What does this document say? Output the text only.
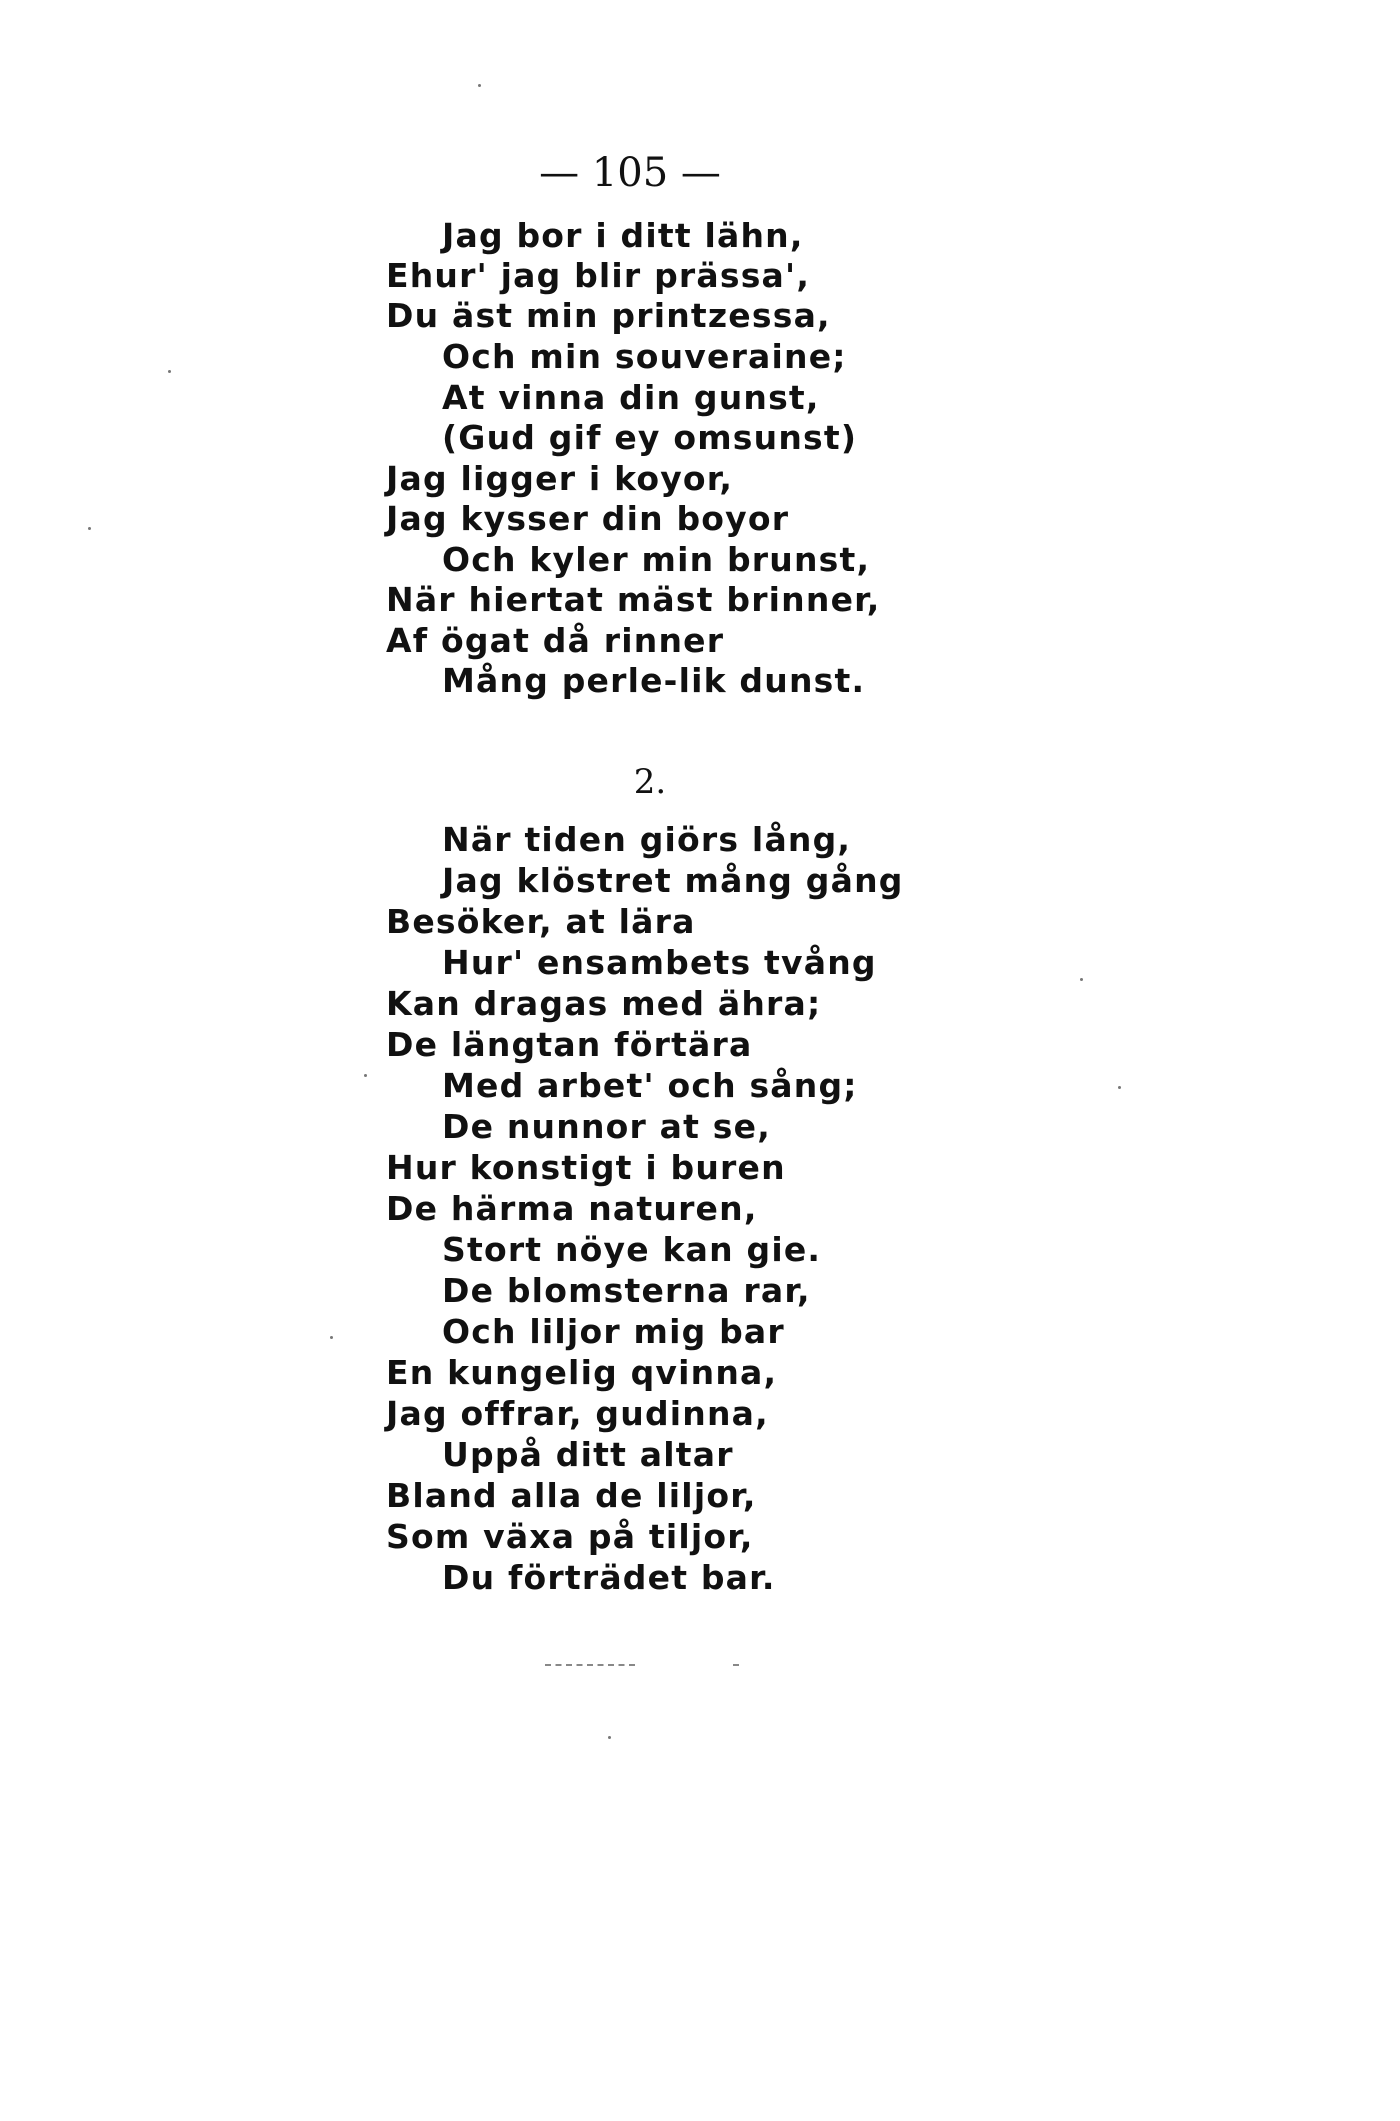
— 105 —
Jag bor i ditt lähn,
Ehur' jag blir prässa',
Du äst min printzessa,
Och min souveraine;
At vinna din gunst,
(Gud gif ey omsunst)
Jag ligger i koyor,
Jag kysser din boyor
Och kyler min brunst,
När hiertat mäst brinner,
Af ögat då rinner
Mång perle-lik dunst.
2.
När tiden giörs lång,
Jag klöstret mång gång
Besöker, at lära
Hur' ensambets tvång
Kan dragas med ähra;
De längtan förtära
Med arbet' och sång;
De nunnor at se,
Hur konstigt i buren
De härma naturen,
Stort nöye kan gie.
De blomsterna rar,
Och liljor mig bar
En kungelig qvinna,
Jag offrar, gudinna,
Uppå ditt altar
Bland alla de liljor,
Som växa på tiljor,
Du förträdet bar.
